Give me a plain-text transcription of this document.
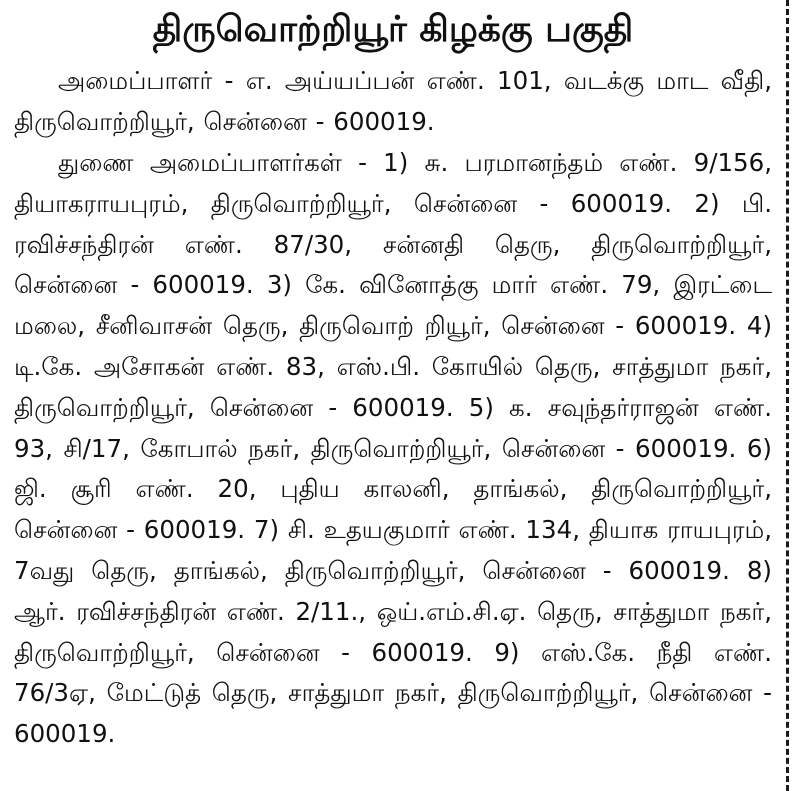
திருவொற்றியூர் கிழக்கு பகுதி

அமைப்பாளர் - எ. அய்யப்பன் எண். 101, வடக்கு மாட வீதி, திருவொற்றியூர், சென்னை - 600019.

துணை அமைப்பாளர்கள் - 1) சு. பரமானந்தம் எண். 9/156, தியாகராயபுரம், திருவொற்றியூர், சென்னை - 600019. 2) பி. ரவிச்சந்திரன் எண். 87/30, சன்னதி தெரு, திருவொற்றியூர், சென்னை - 600019. 3) கே. வினோத்கு மார் எண். 79, இரட்டை மலை, சீனிவாசன் தெரு, திருவொற் றியூர், சென்னை - 600019. 4) டி.கே. அசோகன் எண். 83, எஸ்.பி. கோயில் தெரு, சாத்துமா நகர், திருவொற்றியூர், சென்னை - 600019. 5) க. சவுந்தர்ராஜன் எண். 93, சி/17, கோபால் நகர், திருவொற்றியூர், சென்னை - 600019. 6) ஜி. சூரி எண். 20, புதிய காலனி, தாங்கல், திருவொற்றியூர், சென்னை - 600019. 7) சி. உதயகுமார் எண். 134, தியாக ராயபுரம், 7வது தெரு, தாங்கல், திருவொற்றியூர், சென்னை - 600019. 8) ஆர். ரவிச்சந்திரன் எண். 2/11., ஒய்.எம்.சி.ஏ. தெரு, சாத்துமா நகர், திருவொற்றியூர், சென்னை - 600019. 9) எஸ்.கே. நீதி எண். 76/3ஏ, மேட்டுத் தெரு, சாத்துமா நகர், திருவொற்றியூர், சென்னை - 600019.
